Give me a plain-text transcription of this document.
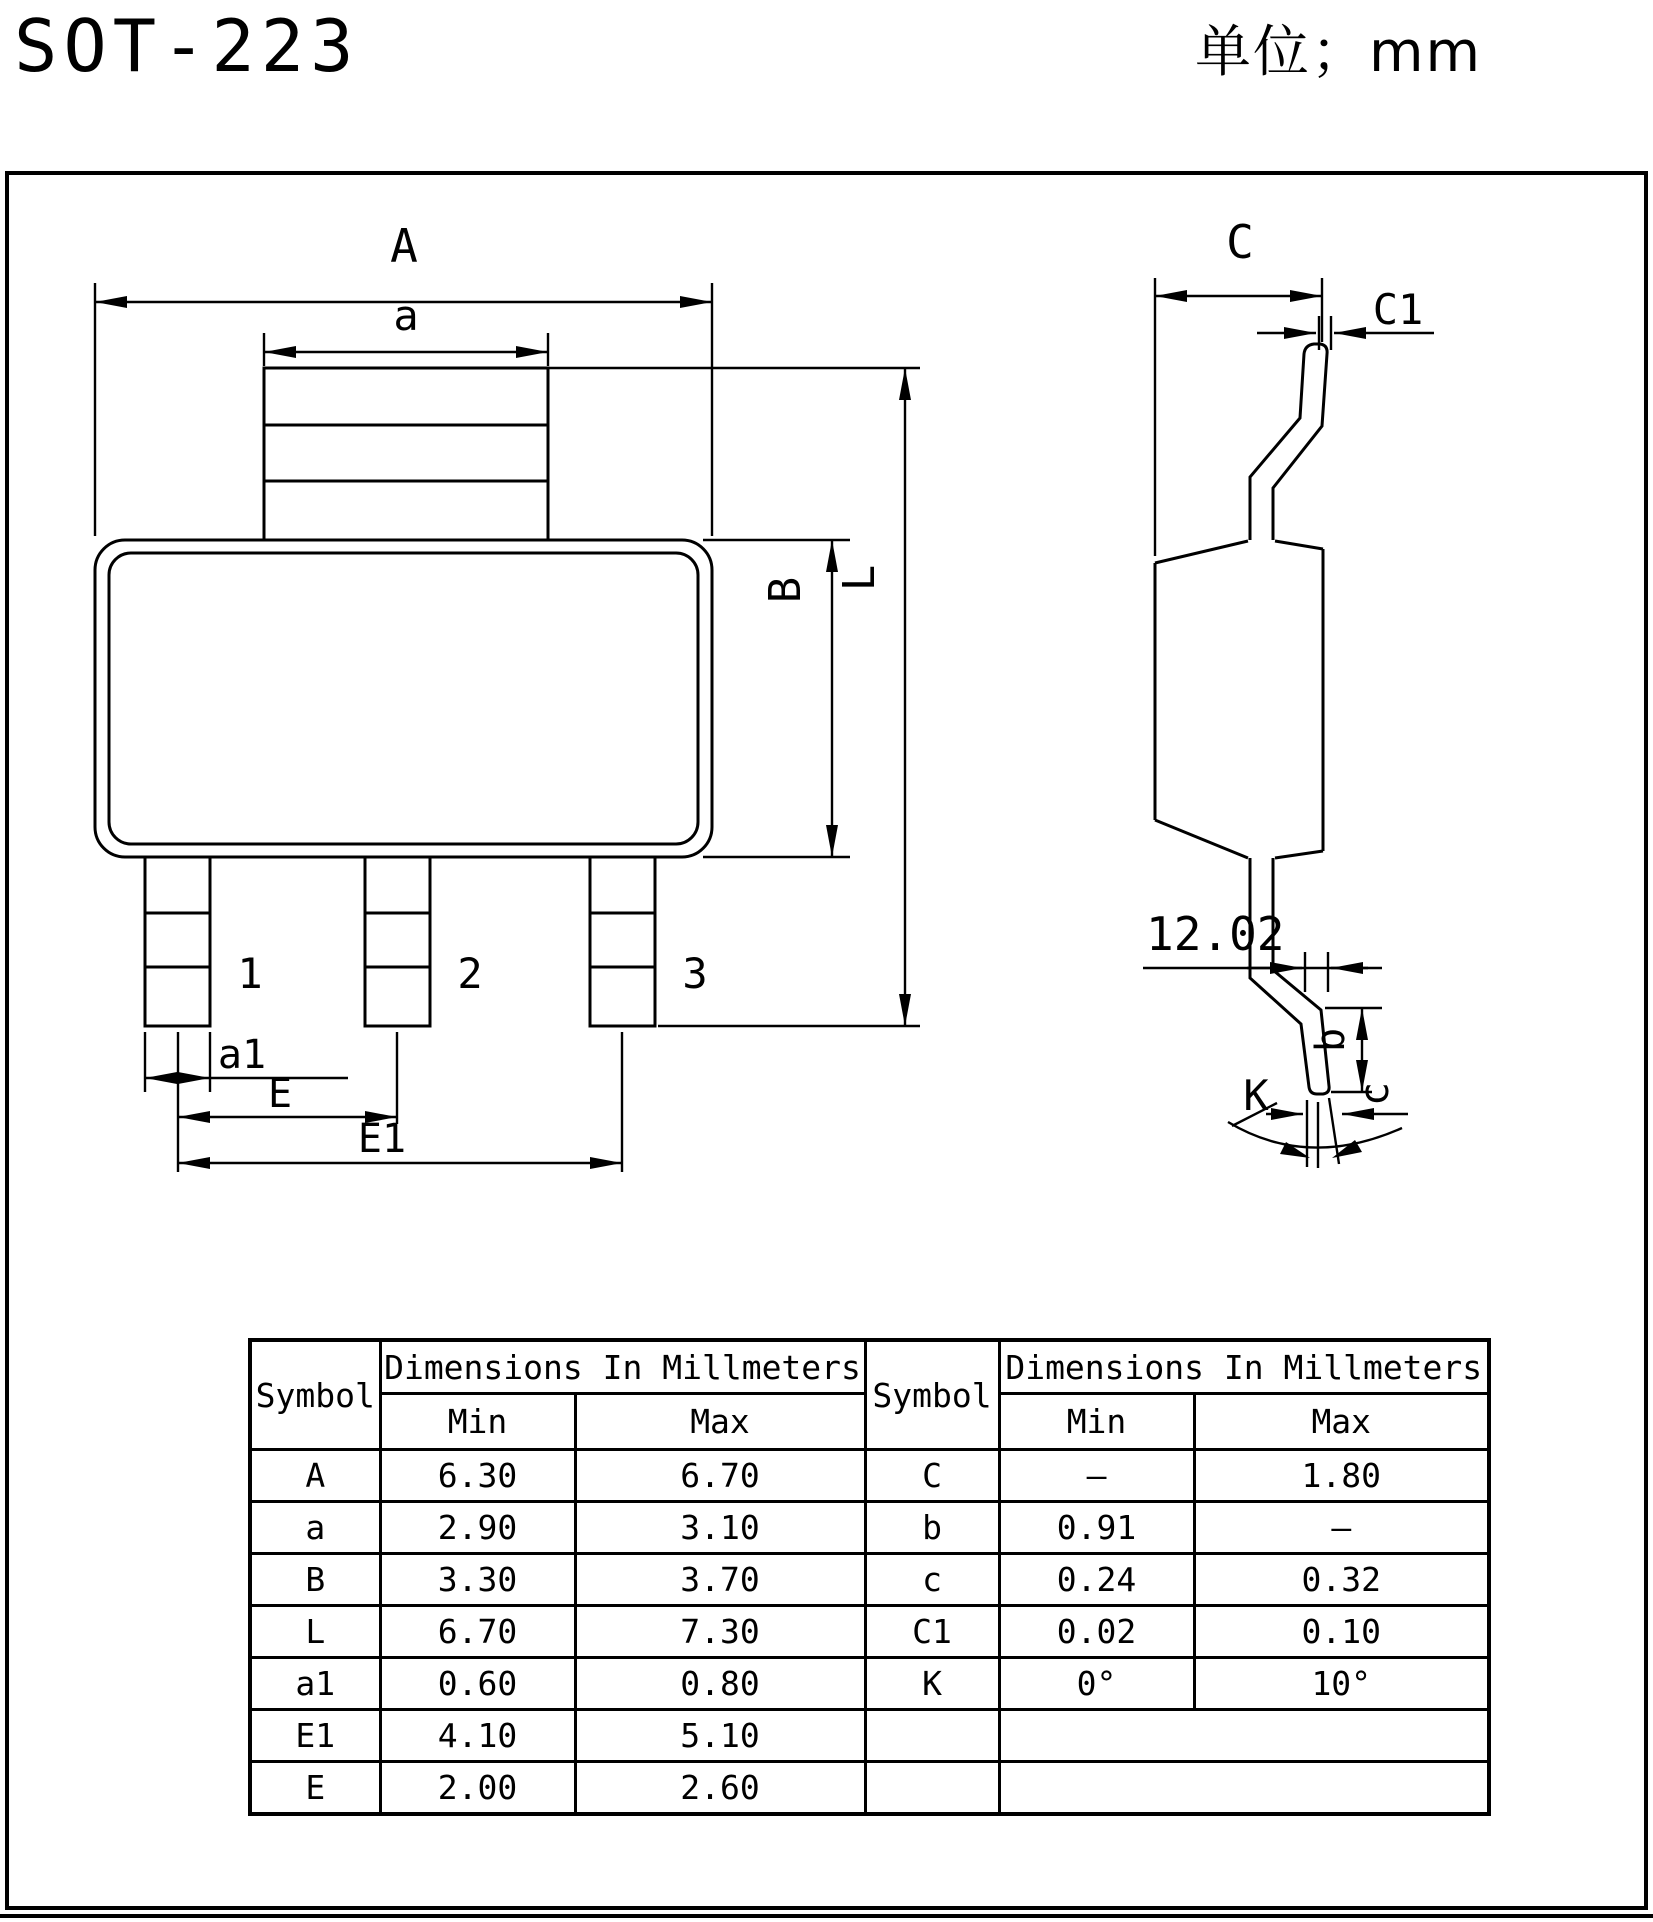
SOT-223	单位；mm
A
a
L
B
1	2	3
a1
E
E1
C
C1
12.02
b
c
K
Symbol	Dimensions In Millmeters		Symbol	Dimensions In Millmeters	
	Min	Max		Min	Max
A	6.30	6.70	C	–	1.80
a	2.90	3.10	b	0.91	–
B	3.30	3.70	c	0.24	0.32
L	6.70	7.30	C1	0.02	0.10
a1	0.60	0.80	K	0°	10°
E1	4.10	5.10			
E	2.00	2.60			
